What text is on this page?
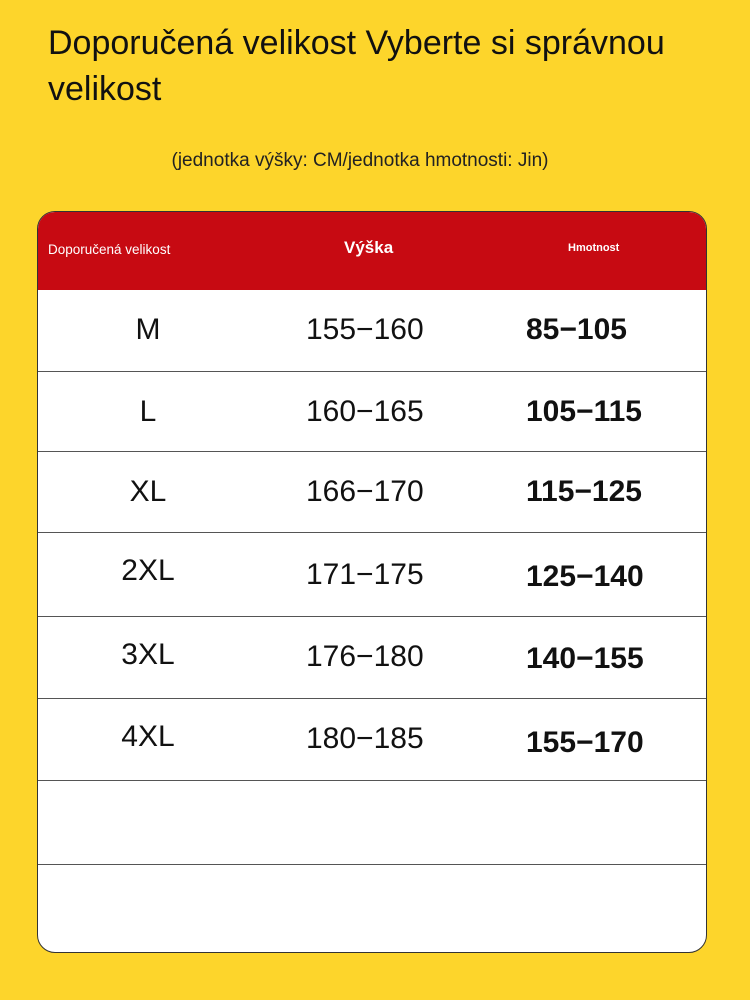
Doporučená velikost Vyberte si správnou velikost
(jednotka výšky: CM/jednotka hmotnosti: Jin)
Doporučená velikost	Výška	Hmotnost
M	155−160	85−105
L	160−165	105−115
XL	166−170	115−125
2XL	171−175	125−140
3XL	176−180	140−155
4XL	180−185	155−170
